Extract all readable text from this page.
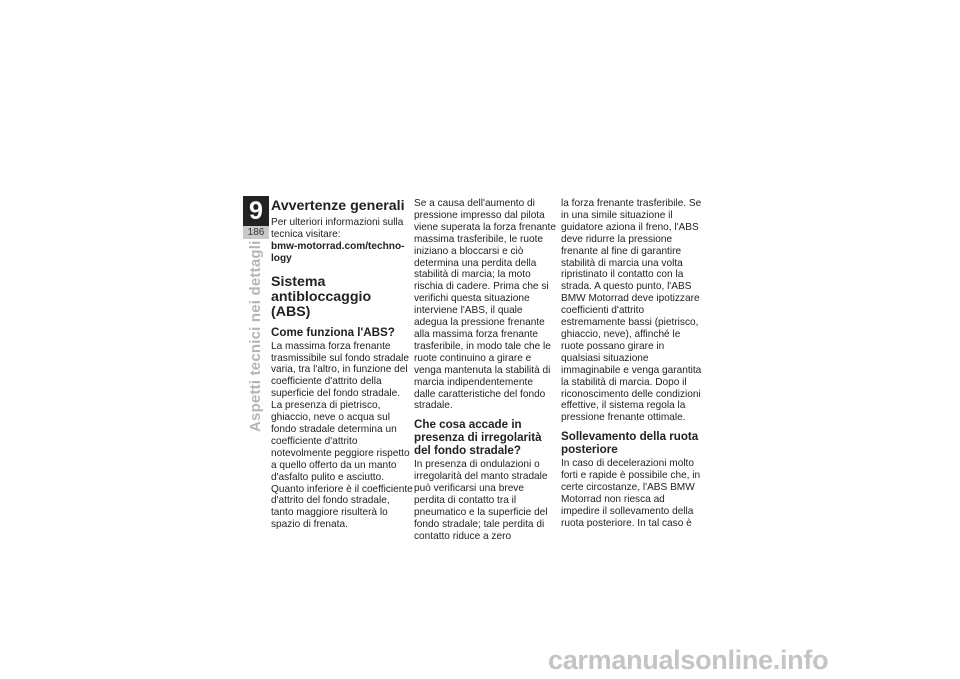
9
186
Aspetti tecnici nei dettagli
Avvertenze generali

Per ulteriori informazioni sulla tecnica visitare:

bmw-motorrad.com/techno-logy

Sistema antibloccaggio (ABS)
Come funziona l'ABS?

La massima forza frenante trasmissibile sul fondo stradale varia, tra l'altro, in funzione del coefficiente d'attrito della superficie del fondo stradale. La presenza di pietrisco, ghiaccio, neve o acqua sul fondo stradale determina un coefficiente d'attrito notevolmente peggiore rispetto a quello offerto da un manto d'asfalto pulito e asciutto. Quanto inferiore è il coefficiente d'attrito del fondo stradale, tanto maggiore risulterà lo spazio di frenata.

Se a causa dell'aumento di pressione impresso dal pilota viene superata la forza frenante massima trasferibile, le ruote iniziano a bloccarsi e ciò determina una perdita della stabilità di marcia; la moto rischia di cadere. Prima che si verifichi questa situazione interviene l'ABS, il quale adegua la pressione frenante alla massima forza frenante trasferibile, in modo tale che le ruote continuino a girare e venga mantenuta la stabilità di marcia indipendentemente dalle caratteristiche del fondo stradale.

Che cosa accade in presenza di irregolarità del fondo stradale?

In presenza di ondulazioni o irregolarità del manto stradale può verificarsi una breve perdita di contatto tra il pneumatico e la superficie del fondo stradale; tale perdita di contatto riduce a zero

la forza frenante trasferibile. Se in una simile situazione il guidatore aziona il freno, l'ABS deve ridurre la pressione frenante al fine di garantire stabilità di marcia una volta ripristinato il contatto con la strada. A questo punto, l'ABS BMW Motorrad deve ipotizzare coefficienti d'attrito estremamente bassi (pietrisco, ghiaccio, neve), affinché le ruote possano girare in qualsiasi situazione immaginabile e venga garantita la stabilità di marcia. Dopo il riconoscimento delle condizioni effettive, il sistema regola la pressione frenante ottimale.

Sollevamento della ruota posteriore

In caso di decelerazioni molto forti e rapide è possibile che, in certe circostanze, l'ABS BMW Motorrad non riesca ad impedire il sollevamento della ruota posteriore. In tal caso è

carmanualsonline.info
